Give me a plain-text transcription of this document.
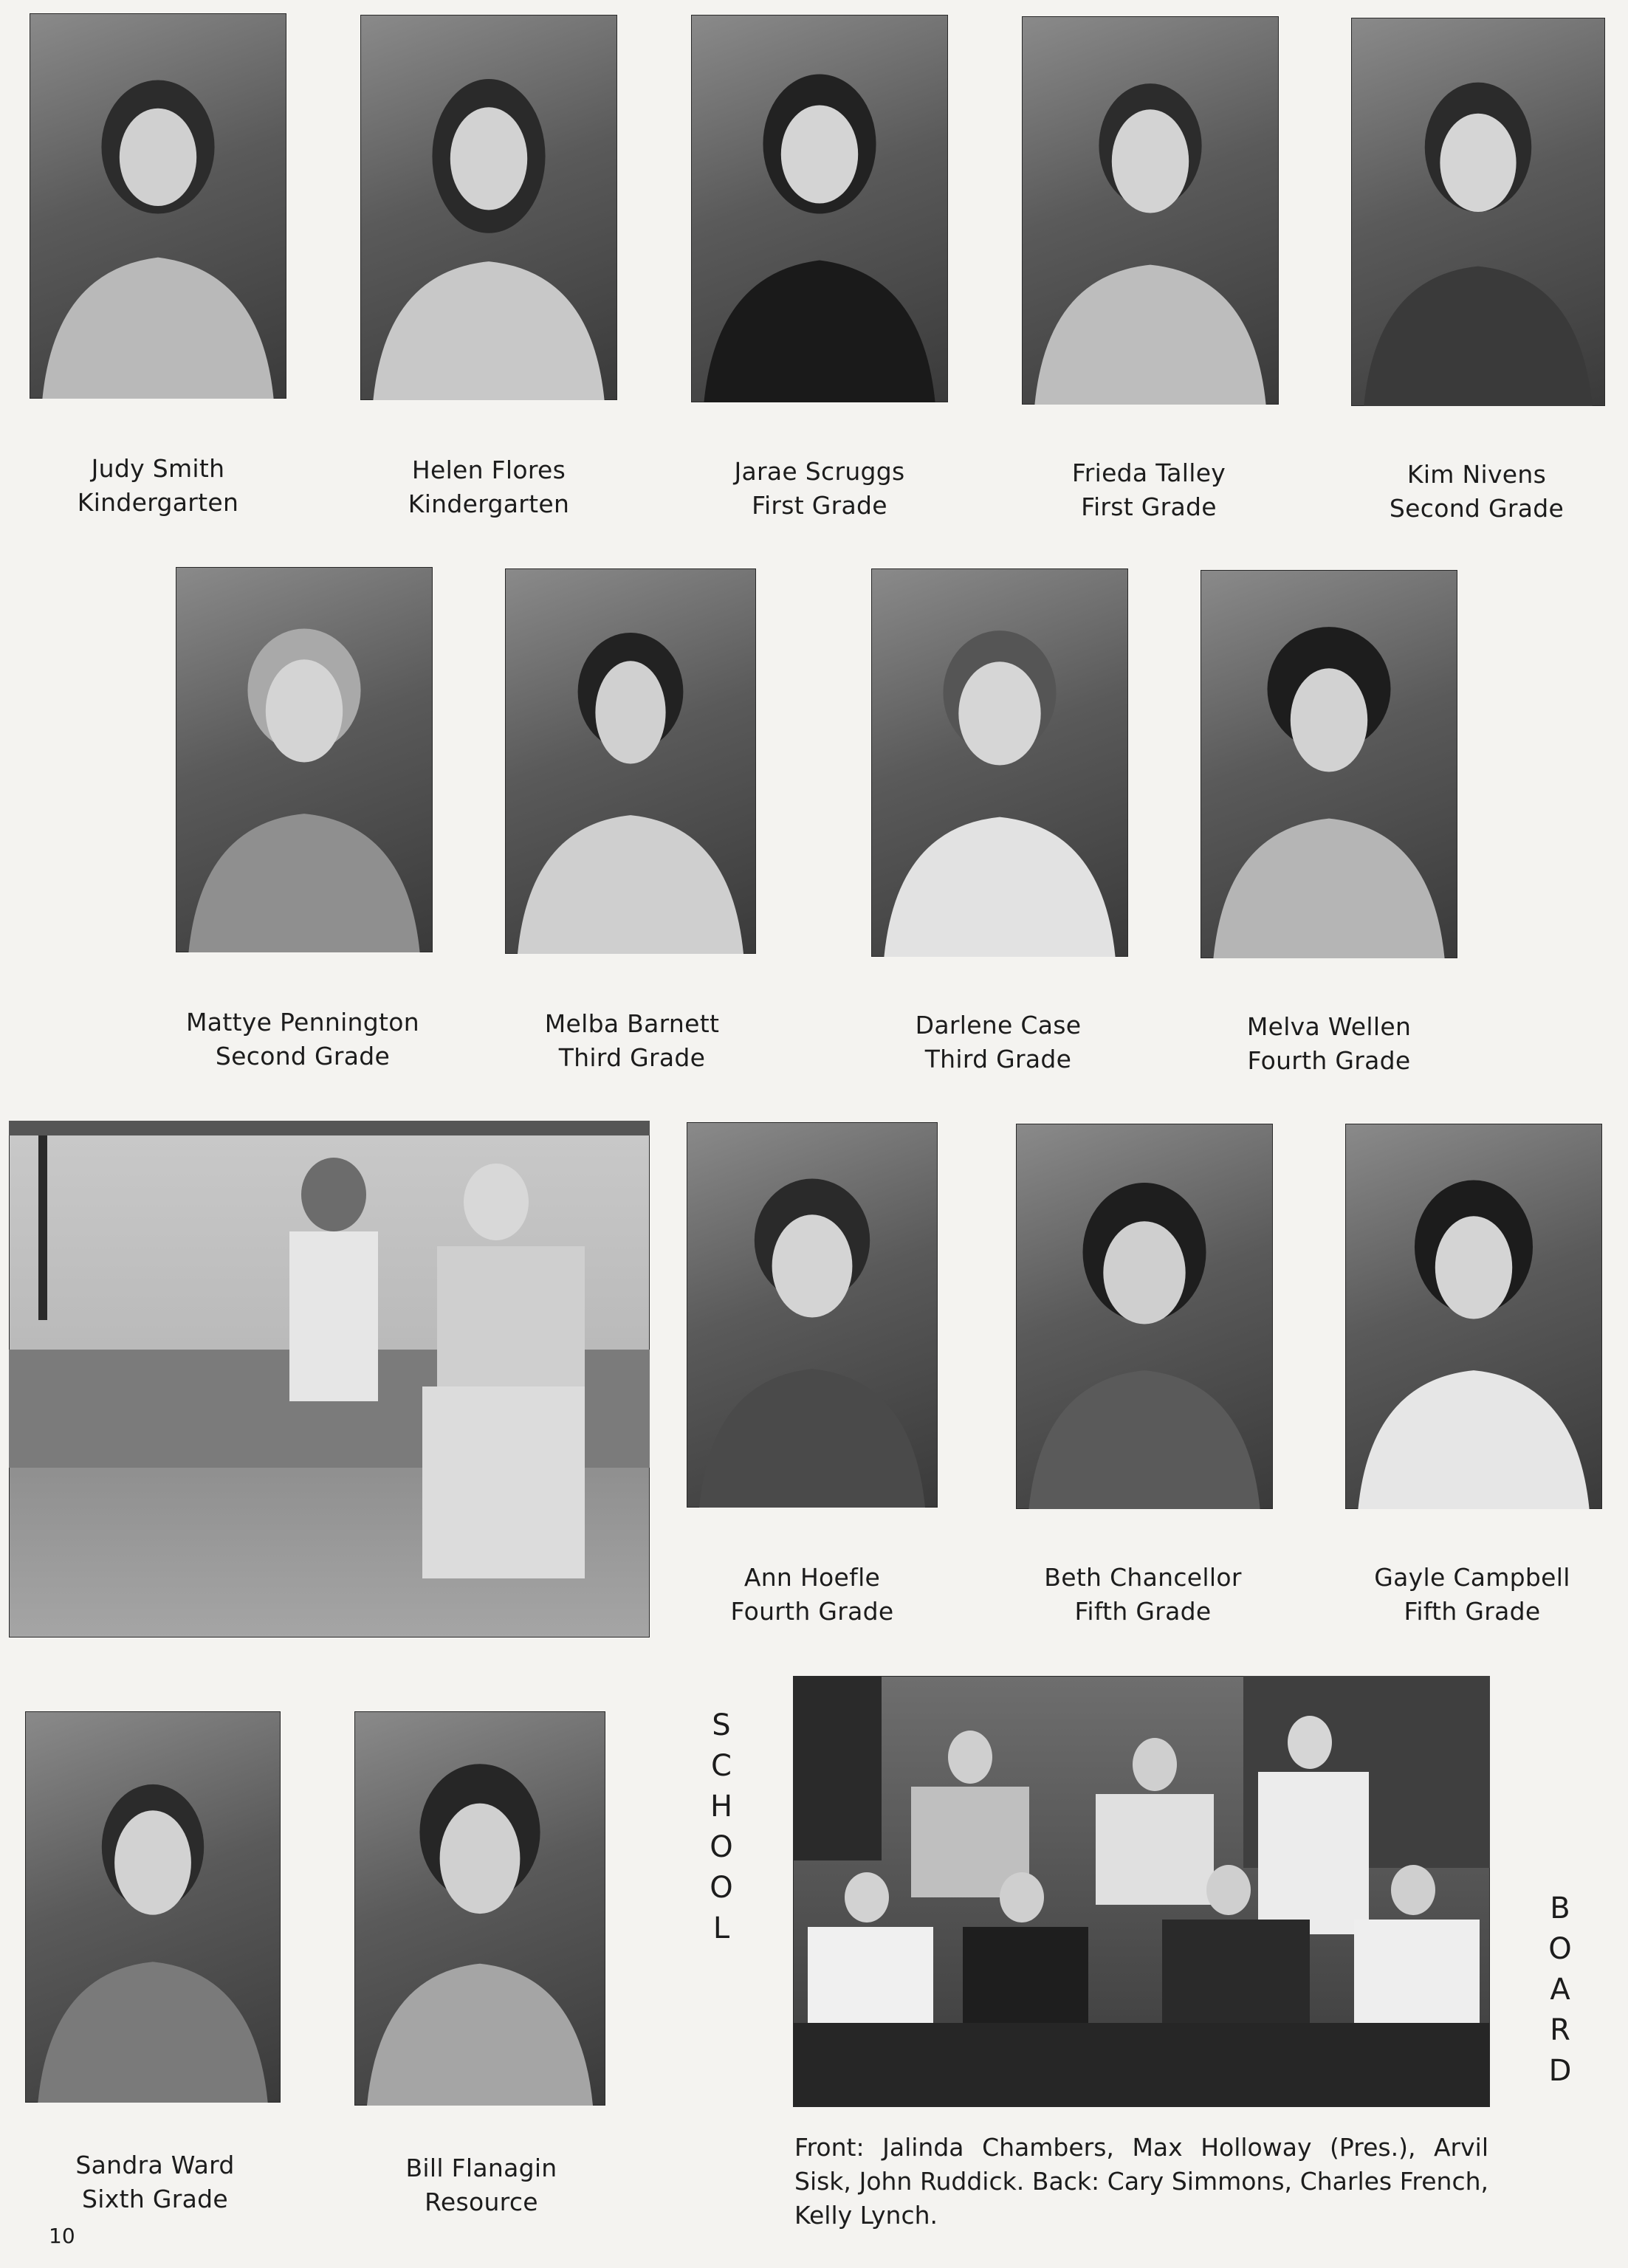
Judy Smith
Kindergarten
Helen Flores
Kindergarten
Jarae Scruggs
First Grade
Frieda Talley
First Grade
Kim Nivens
Second Grade
Mattye Pennington
Second Grade
Melba Barnett
Third Grade
Darlene Case
Third Grade
Melva Wellen
Fourth Grade
Ann Hoefle
Fourth Grade
Beth Chancellor
Fifth Grade
Gayle Campbell
Fifth Grade
Sandra Ward
Sixth Grade
Bill Flanagin
Resource
S
C
H
O
O
L
B
O
A
R
D
Front: Jalinda Chambers, Max Holloway (Pres.), Arvil Sisk, John Ruddick. Back: Cary Simmons, Charles French, Kelly Lynch.
10
